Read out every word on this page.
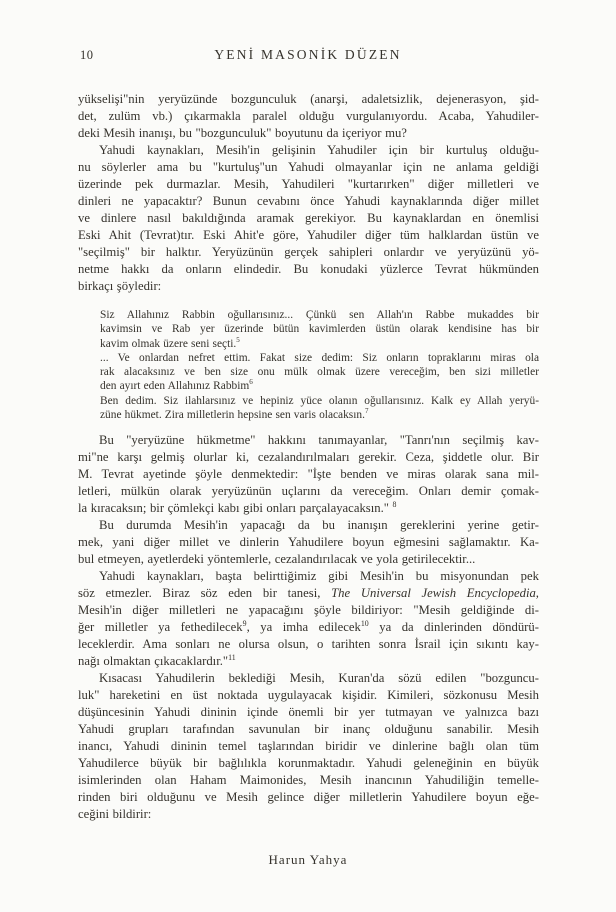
10	YENİ MASONİK DÜZEN
yükselişi"nin yeryüzünde bozgunculuk (anarşi, adaletsizlik, dejenerasyon, şid-
det, zulüm vb.) çıkarmakla paralel olduğu vurgulanıyordu. Acaba, Yahudiler-
deki Mesih inanışı, bu "bozgunculuk" boyutunu da içeriyor mu?
Yahudi kaynakları, Mesih'in gelişinin Yahudiler için bir kurtuluş olduğu-
nu söylerler ama bu "kurtuluş"un Yahudi olmayanlar için ne anlama geldiği
üzerinde pek durmazlar. Mesih, Yahudileri "kurtarırken" diğer milletleri ve
dinleri ne yapacaktır? Bunun cevabını önce Yahudi kaynaklarında diğer millet
ve dinlere nasıl bakıldığında aramak gerekiyor. Bu kaynaklardan en önemlisi
Eski Ahit (Tevrat)tır. Eski Ahit'e göre, Yahudiler diğer tüm halklardan üstün ve
"seçilmiş" bir halktır. Yeryüzünün gerçek sahipleri onlardır ve yeryüzünü yö-
netme hakkı da onların elindedir. Bu konudaki yüzlerce Tevrat hükmünden
birkaçı şöyledir:
Siz Allahınız Rabbin oğullarısınız... Çünkü sen Allah'ın Rabbe mukaddes bir
kavimsin ve Rab yer üzerinde bütün kavimlerden üstün olarak kendisine has bir
kavim olmak üzere seni seçti.$^5$
... Ve onlardan nefret ettim. Fakat size dedim: Siz onların topraklarını miras ola
rak alacaksınız ve ben size onu mülk olmak üzere vereceğim, ben sizi milletler
den ayırt eden Allahınız Rabbim$^6$
Ben dedim. Siz ilahlarsınız ve hepiniz yüce olanın oğullarısınız. Kalk ey Allah yeryü-
züne hükmet. Zira milletlerin hepsine sen varis olacaksın.$^7$
Bu "yeryüzüne hükmetme" hakkını tanımayanlar, "Tanrı'nın seçilmiş kav-
mi"ne karşı gelmiş olurlar ki, cezalandırılmaları gerekir. Ceza, şiddetle olur. Bir
M. Tevrat ayetinde şöyle denmektedir: "İşte benden ve miras olarak sana mil-
letleri, mülkün olarak yeryüzünün uçlarını da vereceğim. Onları demir çomak-
la kıracaksın; bir çömlekçi kabı gibi onları parçalayacaksın." $^8$
Bu durumda Mesih'in yapacağı da bu inanışın gereklerini yerine getir-
mek, yani diğer millet ve dinlerin Yahudilere boyun eğmesini sağlamaktır. Ka-
bul etmeyen, ayetlerdeki yöntemlerle, cezalandırılacak ve yola getirilecektir...
Yahudi kaynakları, başta belirttiğimiz gibi Mesih'in bu misyonundan pek
söz etmezler. Biraz söz eden bir tanesi, The Universal Jewish Encyclopedia,
Mesih'in diğer milletleri ne yapacağını şöyle bildiriyor: "Mesih geldiğinde di-
ğer milletler ya fethedilecek$^9$, ya imha edilecek$^{10}$ ya da dinlerinden döndürü-
leceklerdir. Ama sonları ne olursa olsun, o tarihten sonra İsrail için sıkıntı kay-
nağı olmaktan çıkacaklardır."$^{11}$
Kısacası Yahudilerin beklediği Mesih, Kuran'da sözü edilen "bozguncu-
luk" hareketini en üst noktada uygulayacak kişidir. Kimileri, sözkonusu Mesih
düşüncesinin Yahudi dininin içinde önemli bir yer tutmayan ve yalnızca bazı
Yahudi grupları tarafından savunulan bir inanç olduğunu sanabilir. Mesih
inancı, Yahudi dininin temel taşlarından biridir ve dinlerine bağlı olan tüm
Yahudilerce büyük bir bağlılıkla korunmaktadır. Yahudi geleneğinin en büyük
isimlerinden olan Haham Maimonides, Mesih inancının Yahudiliğin temelle-
rinden biri olduğunu ve Mesih gelince diğer milletlerin Yahudilere boyun eğe-
ceğini bildirir:
Harun Yahya
